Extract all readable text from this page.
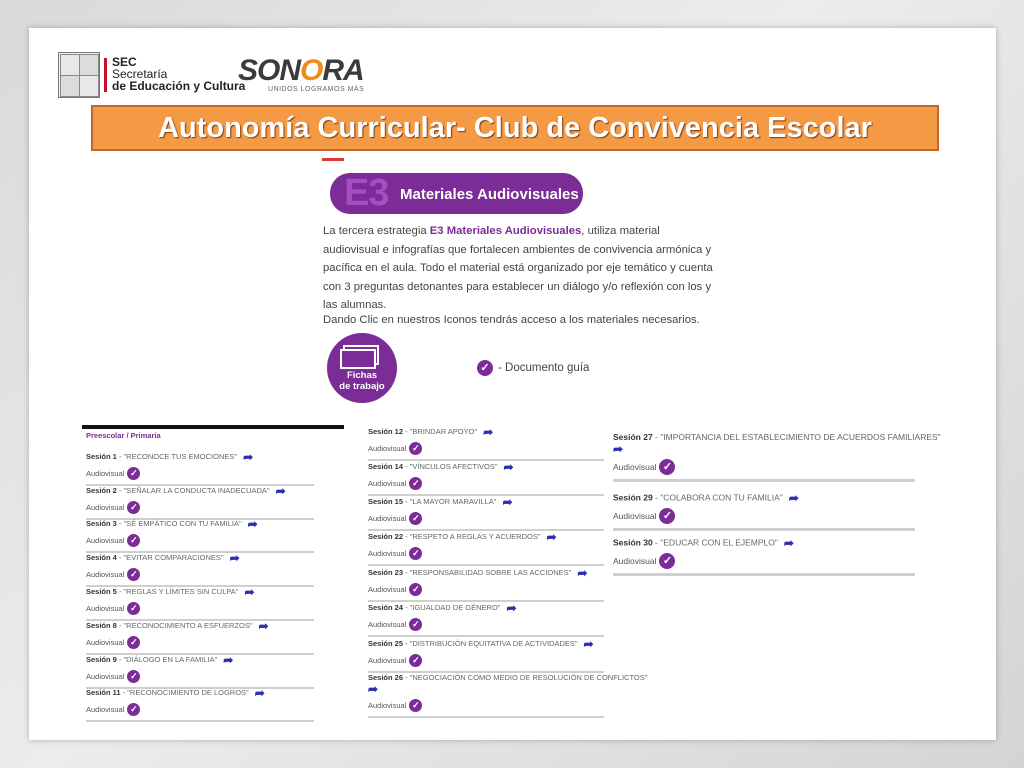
SEC
Secretaría
de Educación y Cultura
SONORA
UNIDOS LOGRAMOS MÁS
Autonomía Curricular- Club de Convivencia Escolar
E3 Materiales Audiovisuales
La tercera estrategia E3 Materiales Audiovisuales, utiliza material audiovisual e infografías que fortalecen ambientes de convivencia armónica y pacífica en el aula. Todo el material está organizado por eje temático y cuenta con 3 preguntas detonantes para establecer un diálogo y/o reflexión con los y las alumnas.
Dando Clic en nuestros Iconos tendrás acceso a los materiales necesarios.
Fichas
de trabajo
✓ - Documento guía
Preescolar / Primaria
Sesión 1 - "RECONOCE TUS EMOCIONES" ➦
Audiovisual ✓
Sesión 2 - "SEÑALAR LA CONDUCTA INADECUADA" ➦
Audiovisual ✓
Sesión 3 - "SÉ EMPÁTICO CON TU FAMILIA" ➦
Audiovisual ✓
Sesión 4 - "EVITAR COMPARACIONES" ➦
Audiovisual ✓
Sesión 5 - "REGLAS Y LÍMITES SIN CULPA" ➦
Audiovisual ✓
Sesión 8 - "RECONOCIMIENTO A ESFUERZOS" ➦
Audiovisual ✓
Sesión 9 - "DIÁLOGO EN LA FAMILIA" ➦
Audiovisual ✓
Sesión 11 - "RECONOCIMIENTO DE LOGROS" ➦
Audiovisual ✓
Sesión 12 - "BRINDAR APOYO" ➦
Audiovisual ✓
Sesión 14 - "VÍNCULOS AFECTIVOS" ➦
Audiovisual ✓
Sesión 15 - "LA MAYOR MARAVILLA" ➦
Audiovisual ✓
Sesión 22 - "RESPETO A REGLAS Y ACUERDOS" ➦
Audiovisual ✓
Sesión 23 - "RESPONSABILIDAD SOBRE LAS ACCIONES" ➦
Audiovisual ✓
Sesión 24 - "IGUALDAD DE GÉNERO" ➦
Audiovisual ✓
Sesión 25 - "DISTRIBUCIÓN EQUITATIVA DE ACTIVIDADES" ➦
Audiovisual ✓
Sesión 26 - "NEGOCIACIÓN COMO MEDIO DE RESOLUCIÓN DE CONFLICTOS"
➦
Audiovisual ✓
Sesión 27 - "IMPORTANCIA DEL ESTABLECIMIENTO DE ACUERDOS FAMILIARES"
➦
Audiovisual ✓
Sesión 29 - "COLABORA CON TU FAMILIA" ➦
Audiovisual ✓
Sesión 30 - "EDUCAR CON EL EJEMPLO" ➦
Audiovisual ✓
